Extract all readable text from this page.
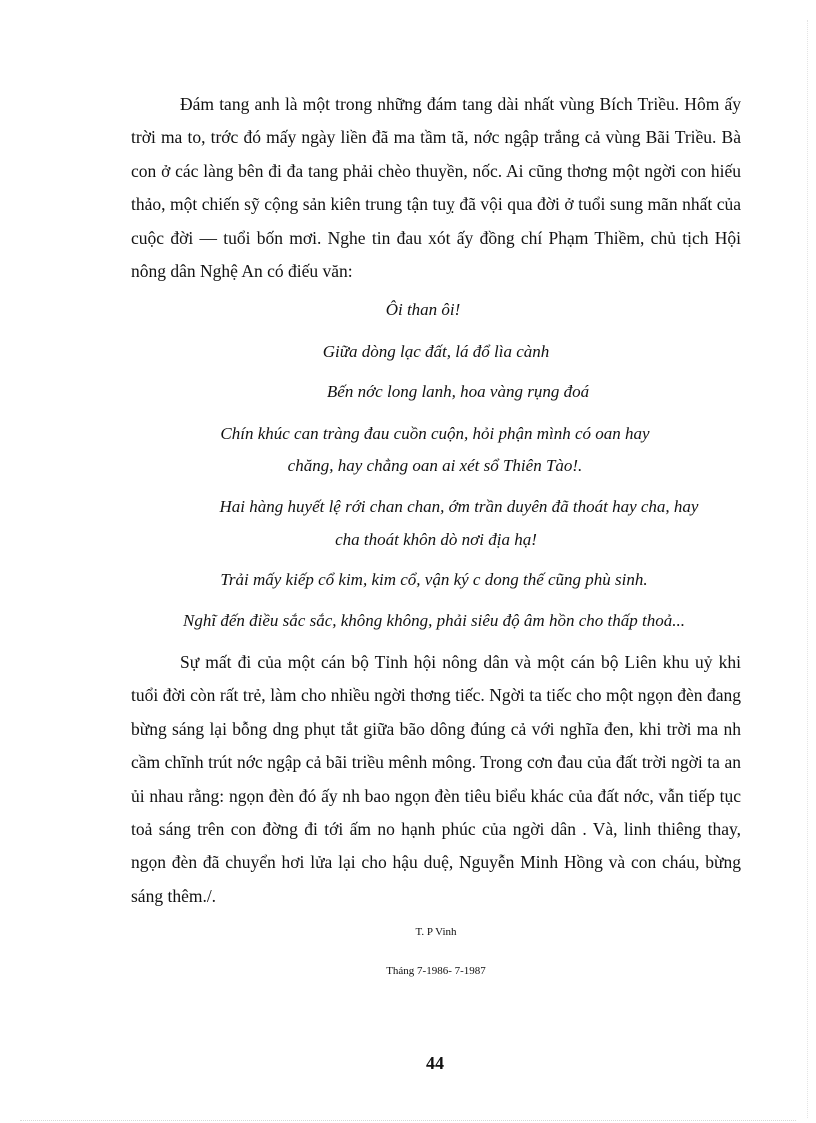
Đám tang anh là một trong những đám tang dài nhất vùng Bích Triều. Hôm ấy trời ma to, trớc đó mấy ngày liền đã ma tầm tã, nớc ngập trắng cả vùng Bãi Triều. Bà con ở các làng bên đi đa tang phải chèo thuyền, nốc. Ai cũng thơng một ngời con hiếu thảo, một chiến sỹ cộng sản kiên trung tận tuỵ đã vội qua đời ở tuổi sung mãn nhất của cuộc đời — tuổi bốn mơi. Nghe tin đau xót ấy đồng chí Phạm Thiềm, chủ tịch Hội nông dân Nghệ An có điếu văn:

Ôi than ôi!
Giữa dòng lạc đất, lá đổ lìa cành
Bến nớc long lanh, hoa vàng rụng đoá
Chín khúc can tràng đau cuồn cuộn, hỏi phận mình có oan hay
chăng, hay chẳng oan ai xét sổ Thiên Tào!.
Hai hàng huyết lệ rới chan chan, ớm trần duyên đã thoát hay cha, hay
cha thoát khôn dò nơi địa hạ!
Trải mấy kiếp cổ kim, kim cổ, vận ký c dong thế cũng phù sinh.
Nghĩ đến điều sắc sắc, không không, phải siêu độ âm hồn cho thấp thoả...

Sự mất đi của một cán bộ Tỉnh hội nông dân và một cán bộ Liên khu uỷ khi tuổi đời còn rất trẻ, làm cho nhiều ngời thơng tiếc. Ngời ta tiếc cho một ngọn đèn đang bừng sáng lại bỗng dng phụt tắt giữa bão dông đúng cả với nghĩa đen, khi trời ma nh cầm chĩnh trút nớc ngập cả bãi triều mênh mông. Trong cơn đau của đất trời ngời ta an ủi nhau rằng: ngọn đèn đó ấy nh bao ngọn đèn tiêu biểu khác của đất nớc, vẫn tiếp tục toả sáng trên con đờng đi tới ấm no hạnh phúc của ngời dân . Và, linh thiêng thay, ngọn đèn đã chuyển hơi lửa lại cho hậu duệ, Nguyễn Minh Hồng và con cháu, bừng sáng thêm./.

T. P Vinh
Tháng 7-1986- 7-1987
44
